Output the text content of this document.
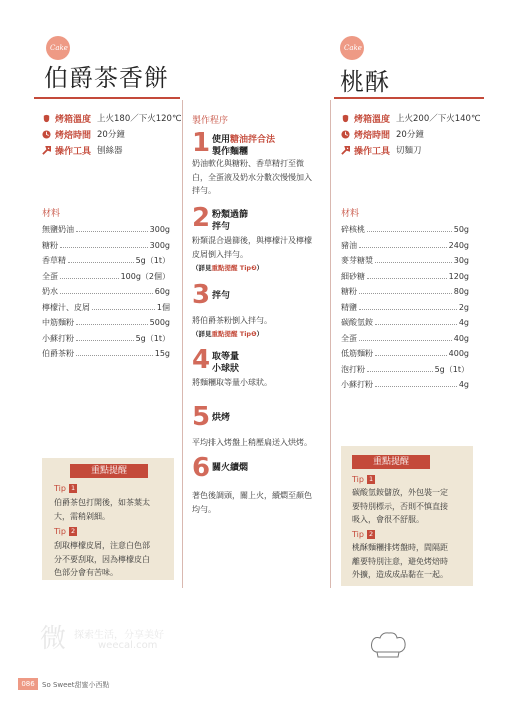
Cake & Tart
伯爵茶香餅
烤箱溫度 上火180／下火120℃
烤焙時間 20分鐘
操作工具 刨絲器
材料
無鹽奶油	300g
糖粉	300g
香草精	5g（1t）
全蛋	100g（2個）
奶水	60g
檸檬汁、皮屑	1個
中筋麵粉	500g
小蘇打粉	5g（1t）
伯爵茶粉	15g
重點提醒
Tip 1
伯爵茶包打開後，如茶葉太
大，需稍剁細。
Tip 2
刮取檸檬皮屑，注意白色部
分不要刮取，因為檸檬皮白
色部分會有苦味。
製作程序
1 使用糖油拌合法
製作麵糰
奶油軟化與糖粉、香草精打至微
白，全蛋液及奶水分數次慢慢加入
拌勻。
2 粉類過篩
拌勻
粉類混合過篩後，與檸檬汁及檸檬
皮屑倒入拌勻。
（詳見重點提醒 Tip❷）
3 拌勻
將伯爵茶粉倒入拌勻。
（詳見重點提醒 Tip❶）
4 取等量
小球狀
將麵糰取等量小球狀。
5 烘烤
平均排入烤盤上稍壓扁送入烘烤。
6 關火續燜
著色後調頭，關上火，續燜至顏色
均勻。
Cake & Tart
桃酥
烤箱溫度 上火200／下火140℃
烤焙時間 20分鐘
操作工具 切麵刀
材料
碎核桃	50g
豬油	240g
麥芽糖漿	30g
細砂糖	120g
糖粉	80g
精鹽	2g
碳酸氫銨	4g
全蛋	40g
低筋麵粉	400g
泡打粉	5g（1t）
小蘇打粉	4g
重點提醒
Tip 1
碳酸氫銨儲放，外包裝一定
要特別標示，否則不慎直接
吸入，會很不舒服。
Tip 2
桃酥麵糰排烤盤時，間隔距
離要特別注意，避免烤焙時
外擴，造成成品黏在一起。
微 探索生活，分享美好
weecal.com
086	So Sweet甜蜜小西點
